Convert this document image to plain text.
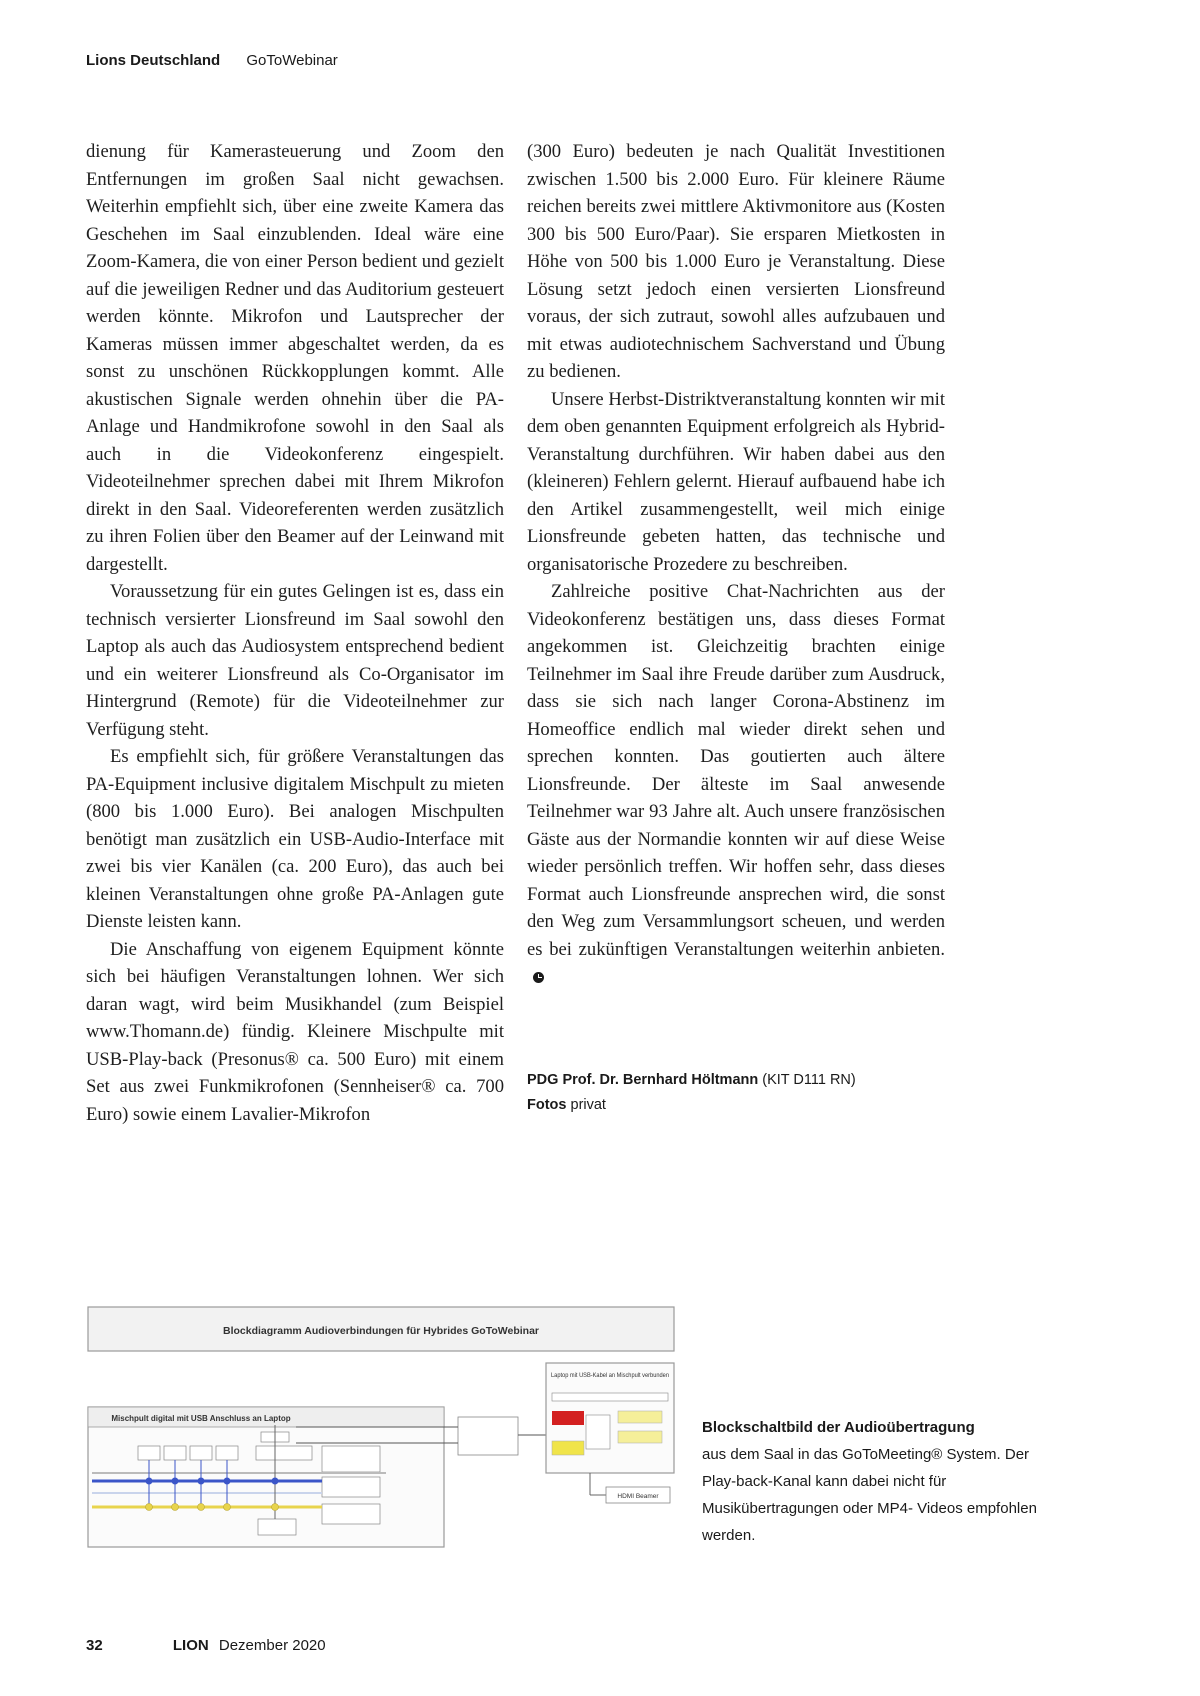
Lions Deutschland GoToWebinar

dienung für Kamerasteuerung und Zoom den Entfernungen im großen Saal nicht gewachsen. Weiterhin empfiehlt sich, über eine zweite Kamera das Geschehen im Saal einzublenden. Ideal wäre eine Zoom-Kamera, die von einer Person bedient und gezielt auf die jeweiligen Redner und das Auditorium gesteuert werden könnte. Mikrofon und Lautsprecher der Kameras müssen immer abgeschaltet werden, da es sonst zu unschönen Rückkopplungen kommt. Alle akustischen Signale werden ohnehin über die PA-Anlage und Handmikrofone sowohl in den Saal als auch in die Videokonferenz eingespielt. Videoteilnehmer sprechen dabei mit Ihrem Mikrofon direkt in den Saal. Videoreferenten werden zusätzlich zu ihren Folien über den Beamer auf der Leinwand mit dargestellt.

Voraussetzung für ein gutes Gelingen ist es, dass ein technisch versierter Lionsfreund im Saal sowohl den Laptop als auch das Audiosystem entsprechend bedient und ein weiterer Lionsfreund als Co-Organisator im Hintergrund (Remote) für die Videoteilnehmer zur Verfügung steht.

Es empfiehlt sich, für größere Veranstaltungen das PA-Equipment inclusive digitalem Mischpult zu mieten (800 bis 1.000 Euro). Bei analogen Mischpulten benötigt man zusätzlich ein USB-Audio-Interface mit zwei bis vier Kanälen (ca. 200 Euro), das auch bei kleinen Veranstaltungen ohne große PA-Anlagen gute Dienste leisten kann.

Die Anschaffung von eigenem Equipment könnte sich bei häufigen Veranstaltungen lohnen. Wer sich daran wagt, wird beim Musikhandel (zum Beispiel www.Thomann.de) fündig. Kleinere Mischpulte mit USB-Play-back (Presonus® ca. 500 Euro) mit einem Set aus zwei Funkmikrofonen (Sennheiser® ca. 700 Euro) sowie einem Lavalier-Mikrofon

(300 Euro) bedeuten je nach Qualität Investitionen zwischen 1.500 bis 2.000 Euro. Für kleinere Räume reichen bereits zwei mittlere Aktivmonitore aus (Kosten 300 bis 500 Euro/Paar). Sie ersparen Mietkosten in Höhe von 500 bis 1.000 Euro je Veranstaltung. Diese Lösung setzt jedoch einen versierten Lionsfreund voraus, der sich zutraut, sowohl alles aufzubauen und mit etwas audiotechnischem Sachverstand und Übung zu bedienen.

Unsere Herbst-Distriktveranstaltung konnten wir mit dem oben genannten Equipment erfolgreich als Hybrid-Veranstaltung durchführen. Wir haben dabei aus den (kleineren) Fehlern gelernt. Hierauf aufbauend habe ich den Artikel zusammengestellt, weil mich einige Lionsfreunde gebeten hatten, das technische und organisatorische Prozedere zu beschreiben.

Zahlreiche positive Chat-Nachrichten aus der Videokonferenz bestätigen uns, dass dieses Format angekommen ist. Gleichzeitig brachten einige Teilnehmer im Saal ihre Freude darüber zum Ausdruck, dass sie sich nach langer Corona-Abstinenz im Homeoffice endlich mal wieder direkt sehen und sprechen konnten. Das goutierten auch ältere Lionsfreunde. Der älteste im Saal anwesende Teilnehmer war 93 Jahre alt. Auch unsere französischen Gäste aus der Normandie konnten wir auf diese Weise wieder persönlich treffen. Wir hoffen sehr, dass dieses Format auch Lionsfreunde ansprechen wird, die sonst den Weg zum Versammlungsort scheuen, und werden es bei zukünftigen Veranstaltungen weiterhin anbieten.

PDG Prof. Dr. Bernhard Höltmann (KIT D111 RN)
Fotos privat
Blockdiagramm Audioverbindungen für Hybrides GoToWebinar
Mischpult digital mit USB Anschluss an Laptop
Laptop mit USB-Kabel an Mischpult verbunden
HDMI Beamer
Blockschaltbild der Audioübertragung
aus dem Saal in das GoToMeeting® System. Der Play-back-Kanal kann dabei nicht für Musikübertragungen oder MP4- Videos empfohlen werden.
32	LION Dezember 2020
